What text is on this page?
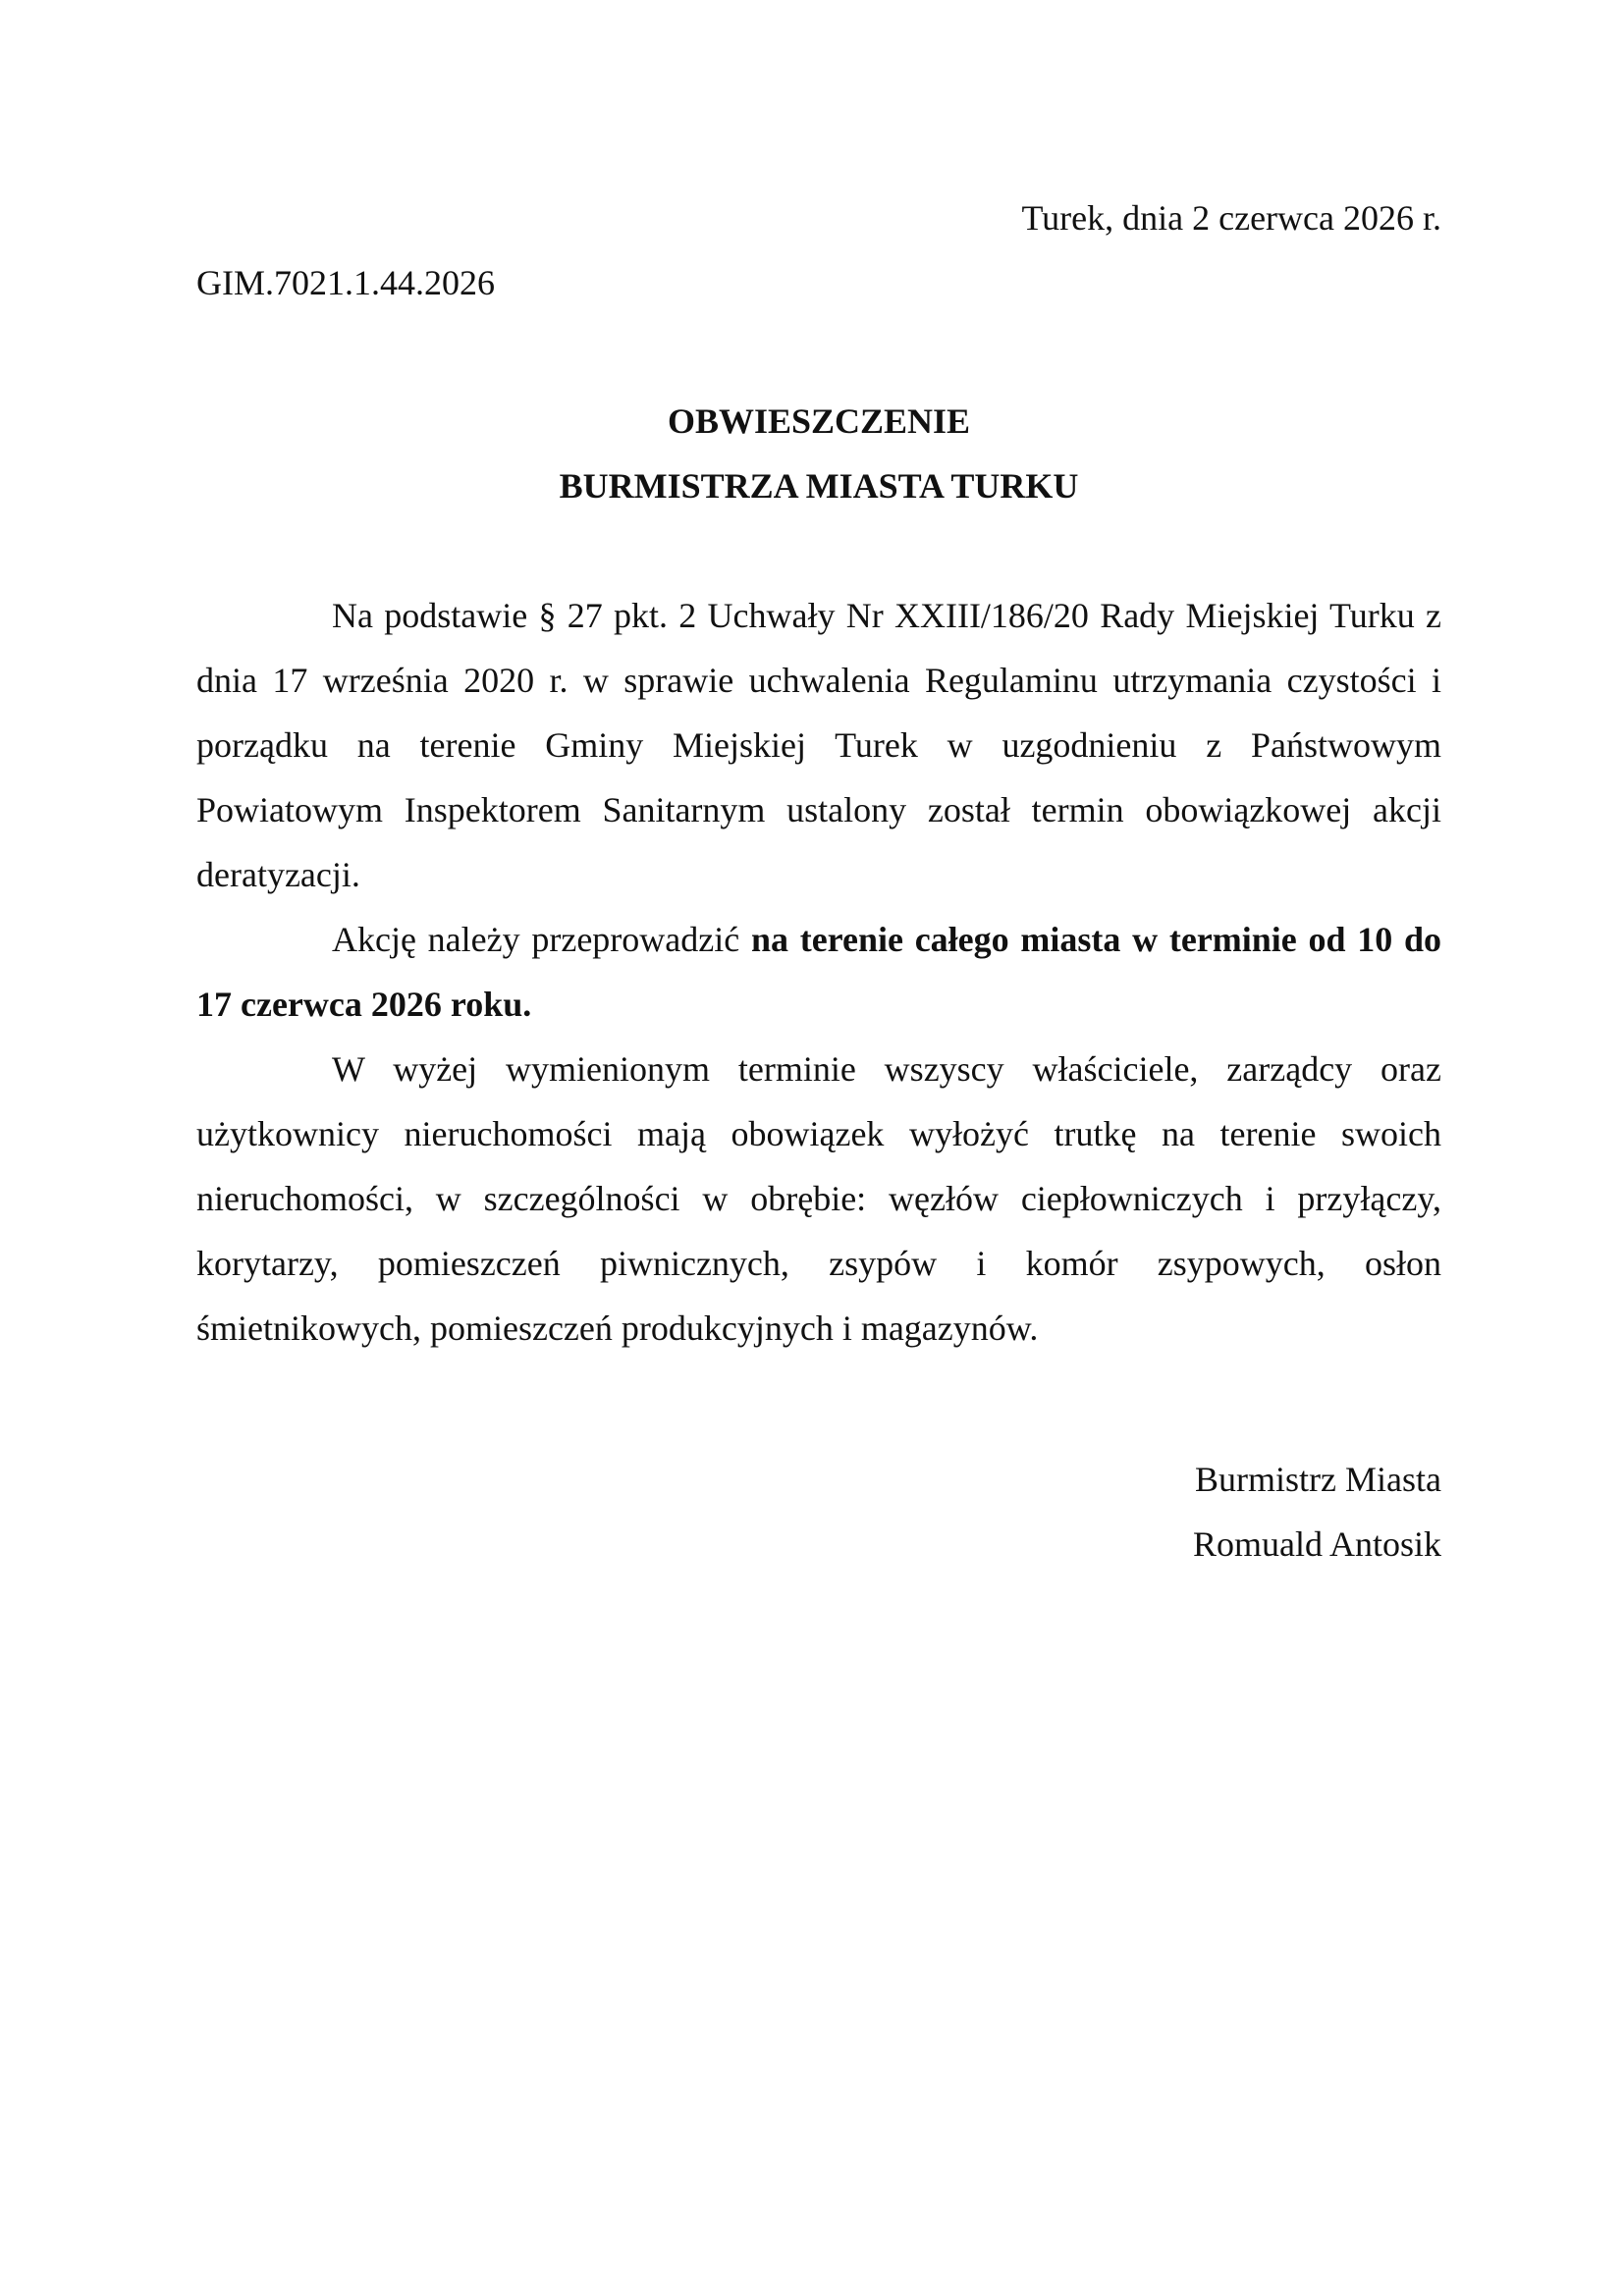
Turek, dnia 2 czerwca 2026 r.
GIM.7021.1.44.2026
OBWIESZCZENIE
BURMISTRZA MIASTA TURKU

Na podstawie § 27 pkt. 2 Uchwały Nr XXIII/186/20 Rady Miejskiej Turku z dnia 17 września 2020 r. w sprawie uchwalenia Regulaminu utrzymania czystości i porządku na terenie Gminy Miejskiej Turek w uzgodnieniu z Państwowym Powiatowym Inspektorem Sanitarnym ustalony został termin obowiązkowej akcji deratyzacji.

Akcję należy przeprowadzić na terenie całego miasta w terminie od 10 do 17 czerwca 2026 roku.

W wyżej wymienionym terminie wszyscy właściciele, zarządcy oraz użytkownicy nieruchomości mają obowiązek wyłożyć trutkę na terenie swoich nieruchomości, w szczególności w obrębie: węzłów ciepłowniczych i przyłączy, korytarzy, pomieszczeń piwnicznych, zsypów i komór zsypowych, osłon śmietnikowych, pomieszczeń produkcyjnych i magazynów.

Burmistrz Miasta
Romuald Antosik
